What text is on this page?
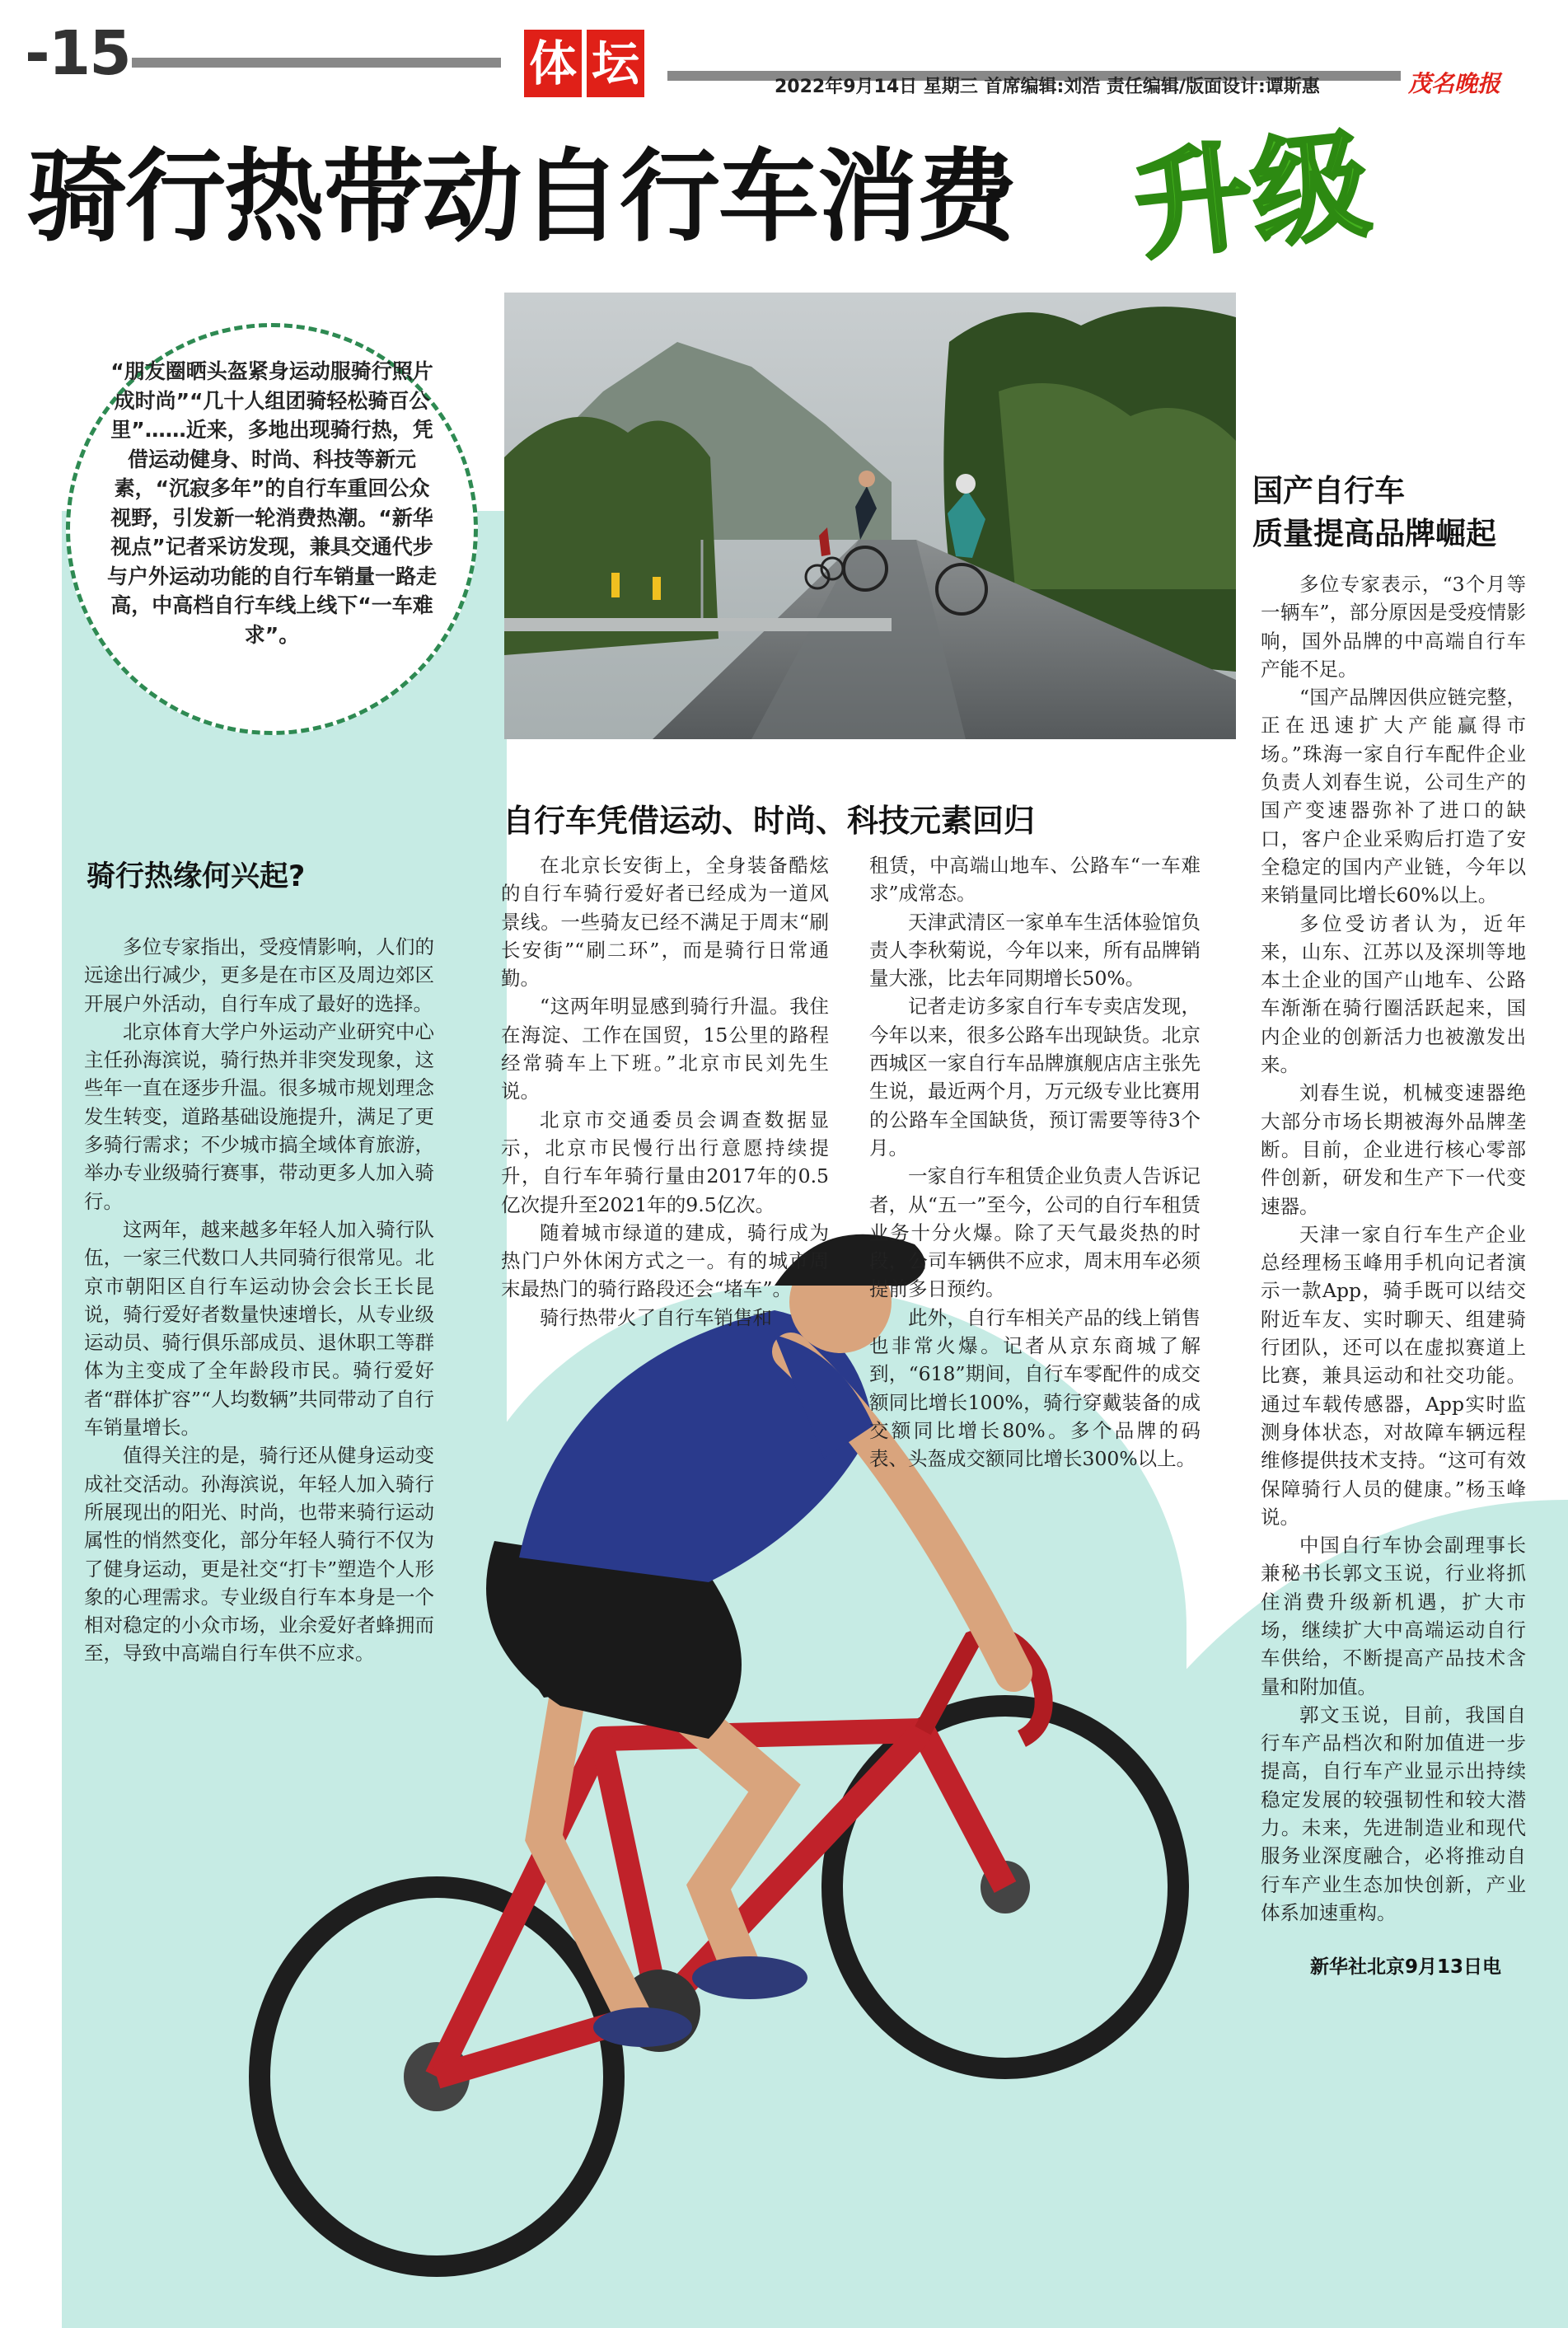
-15	体 坛	2022年9月14日 星期三 首席编辑:刘浩 责任编辑/版面设计:谭斯惠	茂名晚报
骑行热带动自行车消费 升级
“朋友圈晒头盔紧身运动服骑行照片成时尚”“几十人组团骑轻松骑百公里”……近来，多地出现骑行热，凭借运动健身、时尚、科技等新元素，“沉寂多年”的自行车重回公众视野，引发新一轮消费热潮。“新华视点”记者采访发现，兼具交通代步与户外运动功能的自行车销量一路走高，中高档自行车线上线下“一车难求”。
骑行热缘何兴起?

多位专家指出，受疫情影响，人们的远途出行减少，更多是在市区及周边郊区开展户外活动，自行车成了最好的选择。

北京体育大学户外运动产业研究中心主任孙海滨说，骑行热并非突发现象，这些年一直在逐步升温。很多城市规划理念发生转变，道路基础设施提升，满足了更多骑行需求；不少城市搞全域体育旅游，举办专业级骑行赛事，带动更多人加入骑行。

这两年，越来越多年轻人加入骑行队伍，一家三代数口人共同骑行很常见。北京市朝阳区自行车运动协会会长王长昆说，骑行爱好者数量快速增长，从专业级运动员、骑行俱乐部成员、退休职工等群体为主变成了全年龄段市民。骑行爱好者“群体扩容”“人均数辆”共同带动了自行车销量增长。

值得关注的是，骑行还从健身运动变成社交活动。孙海滨说，年轻人加入骑行所展现出的阳光、时尚，也带来骑行运动属性的悄然变化，部分年轻人骑行不仅为了健身运动，更是社交“打卡”塑造个人形象的心理需求。专业级自行车本身是一个相对稳定的小众市场，业余爱好者蜂拥而至，导致中高端自行车供不应求。

自行车凭借运动、时尚、科技元素回归

在北京长安街上，全身装备酷炫的自行车骑行爱好者已经成为一道风景线。一些骑友已经不满足于周末“刷长安街”“刷二环”，而是骑行日常通勤。

“这两年明显感到骑行升温。我住在海淀、工作在国贸，15公里的路程经常骑车上下班。”北京市民刘先生说。

北京市交通委员会调查数据显示，北京市民慢行出行意愿持续提升，自行车年骑行量由2017年的0.5亿次提升至2021年的9.5亿次。

随着城市绿道的建成，骑行成为热门户外休闲方式之一。有的城市周末最热门的骑行路段还会“堵车”。

骑行热带火了自行车销售和

租赁，中高端山地车、公路车“一车难求”成常态。

天津武清区一家单车生活体验馆负责人李秋菊说，今年以来，所有品牌销量大涨，比去年同期增长50%。

记者走访多家自行车专卖店发现，今年以来，很多公路车出现缺货。北京西城区一家自行车品牌旗舰店店主张先生说，最近两个月，万元级专业比赛用的公路车全国缺货，预订需要等待3个月。

一家自行车租赁企业负责人告诉记者，从“五一”至今，公司的自行车租赁业务十分火爆。除了天气最炎热的时段，公司车辆供不应求，周末用车必须提前多日预约。

此外，自行车相关产品的线上销售也非常火爆。记者从京东商城了解到，“618”期间，自行车零配件的成交额同比增长100%，骑行穿戴装备的成交额同比增长80%。多个品牌的码表、头盔成交额同比增长300%以上。

国产自行车
质量提高品牌崛起

多位专家表示，“3个月等一辆车”，部分原因是受疫情影响，国外品牌的中高端自行车产能不足。

“国产品牌因供应链完整，正在迅速扩大产能赢得市场。”珠海一家自行车配件企业负责人刘春生说，公司生产的国产变速器弥补了进口的缺口，客户企业采购后打造了安全稳定的国内产业链，今年以来销量同比增长60%以上。

多位受访者认为，近年来，山东、江苏以及深圳等地本土企业的国产山地车、公路车渐渐在骑行圈活跃起来，国内企业的创新活力也被激发出来。

刘春生说，机械变速器绝大部分市场长期被海外品牌垄断。目前，企业进行核心零部件创新，研发和生产下一代变速器。

天津一家自行车生产企业总经理杨玉峰用手机向记者演示一款App，骑手既可以结交附近车友、实时聊天、组建骑行团队，还可以在虚拟赛道上比赛，兼具运动和社交功能。通过车载传感器，App实时监测身体状态，对故障车辆远程维修提供技术支持。“这可有效保障骑行人员的健康。”杨玉峰说。

中国自行车协会副理事长兼秘书长郭文玉说，行业将抓住消费升级新机遇，扩大市场，继续扩大中高端运动自行车供给，不断提高产品技术含量和附加值。

郭文玉说，目前，我国自行车产品档次和附加值进一步提高，自行车产业显示出持续稳定发展的较强韧性和较大潜力。未来，先进制造业和现代服务业深度融合，必将推动自行车产业生态加快创新，产业体系加速重构。

新华社北京9月13日电
